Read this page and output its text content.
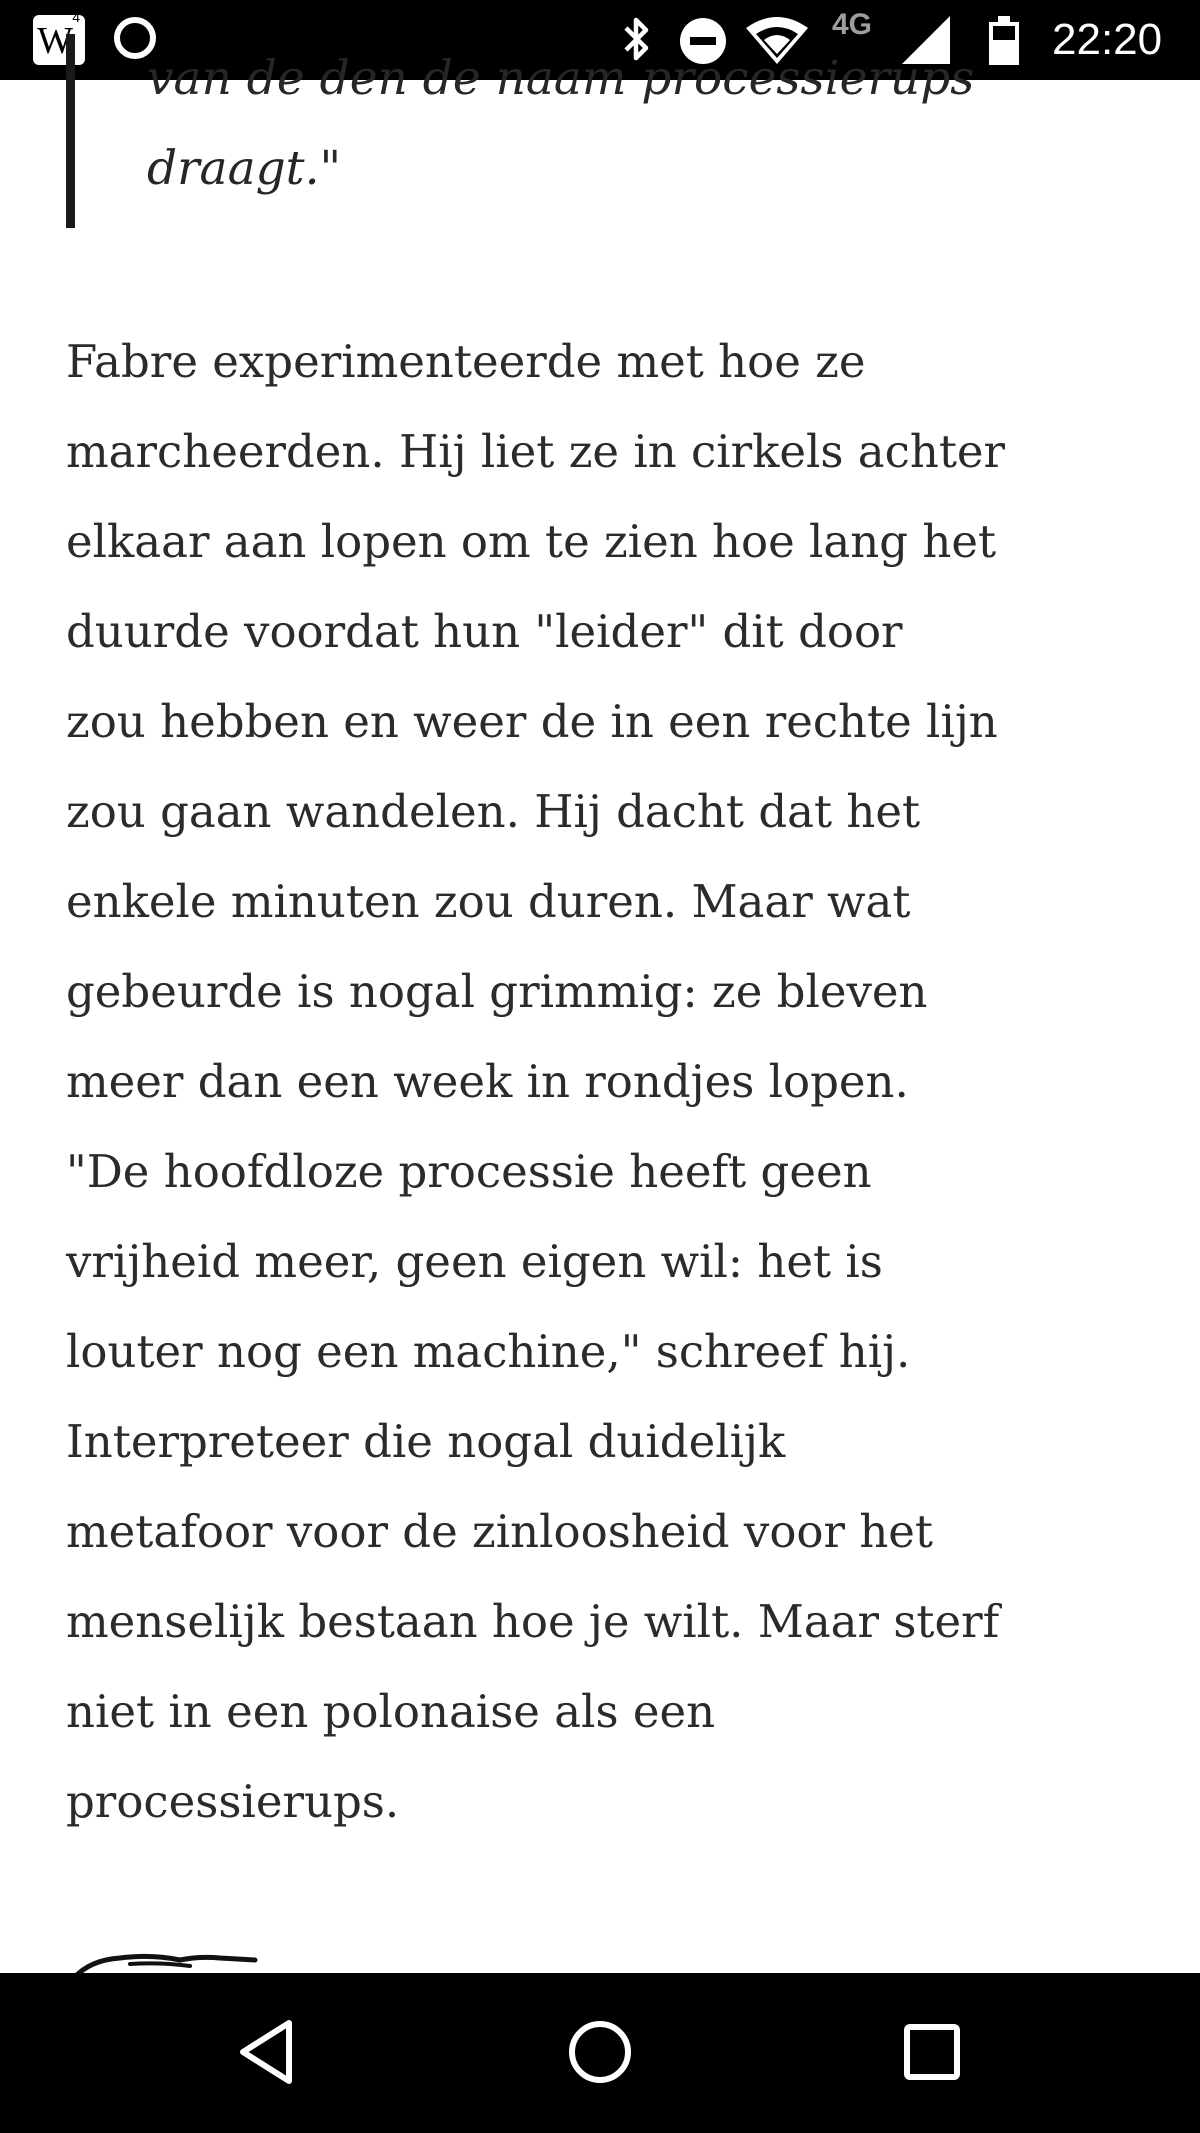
W
4	4G	22:20
van de den de naam processierups
draagt."
Fabre experimenteerde met hoe ze
marcheerden. Hij liet ze in cirkels achter
elkaar aan lopen om te zien hoe lang het
duurde voordat hun "leider" dit door
zou hebben en weer de in een rechte lijn
zou gaan wandelen. Hij dacht dat het
enkele minuten zou duren. Maar wat
gebeurde is nogal grimmig: ze bleven
meer dan een week in rondjes lopen.
"De hoofdloze processie heeft geen
vrijheid meer, geen eigen wil: het is
louter nog een machine," schreef hij.
Interpreteer die nogal duidelijk
metafoor voor de zinloosheid voor het
menselijk bestaan hoe je wilt. Maar sterf
niet in een polonaise als een
processierups.
